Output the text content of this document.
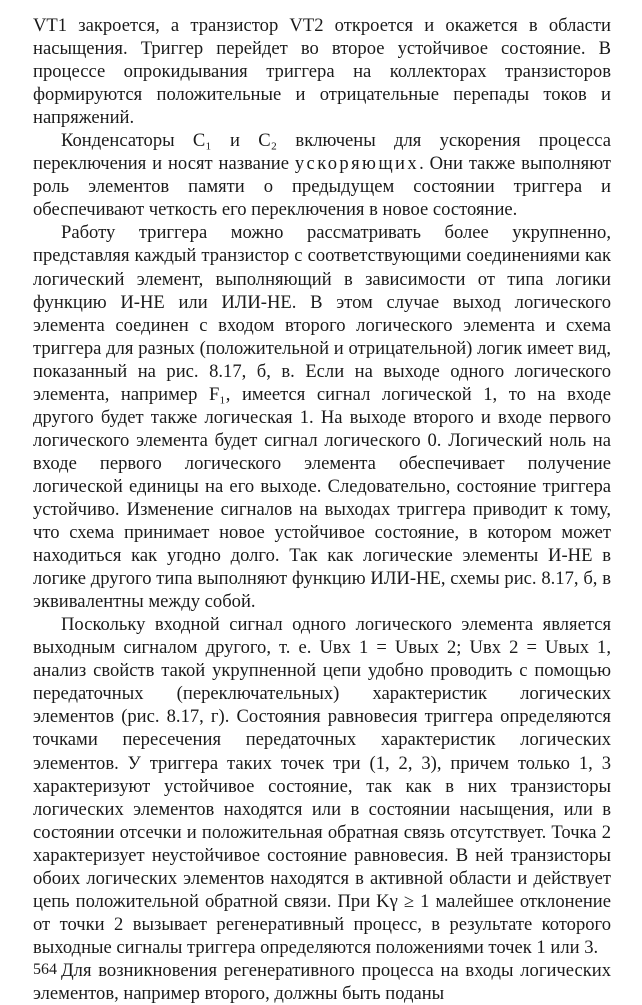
VT1 закроется, а транзистор VT2 откроется и окажется в области насыщения. Триггер перейдет во второе устойчивое состояние. В процессе опрокидывания триггера на коллекторах транзисторов формируются положительные и отрицательные перепады токов и напряжений.

Конденсаторы C₁ и C₂ включены для ускорения процесса переключения и носят название ускоряющих. Они также выполняют роль элементов памяти о предыдущем состоянии триггера и обеспечивают четкость его переключения в новое состояние.

Работу триггера можно рассматривать более укрупненно, представляя каждый транзистор с соответствующими соединениями как логический элемент, выполняющий в зависимости от типа логики функцию И-НЕ или ИЛИ-НЕ. В этом случае выход логического элемента соединен с входом второго логического элемента и схема триггера для разных (положительной и отрицательной) логик имеет вид, показанный на рис. 8.17, б, в. Если на выходе одного логического элемента, например F₁, имеется сигнал логической 1, то на входе другого будет также логическая 1. На выходе второго и входе первого логического элемента будет сигнал логического 0. Логический ноль на входе первого логического элемента обеспечивает получение логической единицы на его выходе. Следовательно, состояние триггера устойчиво. Изменение сигналов на выходах триггера приводит к тому, что схема принимает новое устойчивое состояние, в котором может находиться как угодно долго. Так как логические элементы И-НЕ в логике другого типа выполняют функцию ИЛИ-НЕ, схемы рис. 8.17, б, в эквивалентны между собой.

Поскольку входной сигнал одного логического элемента является выходным сигналом другого, т. е. Uвх 1 = Uвых 2; Uвх 2 = Uвых 1, анализ свойств такой укрупненной цепи удобно проводить с помощью передаточных (переключательных) характеристик логических элементов (рис. 8.17, г). Состояния равновесия триггера определяются точками пересечения передаточных характеристик логических элементов. У триггера таких точек три (1, 2, 3), причем только 1, 3 характеризуют устойчивое состояние, так как в них транзисторы логических элементов находятся или в состоянии насыщения, или в состоянии отсечки и положительная обратная связь отсутствует. Точка 2 характеризует неустойчивое состояние равновесия. В ней транзисторы обоих логических элементов находятся в активной области и действует цепь положительной обратной связи. При Kγ ≥ 1 малейшее отклонение от точки 2 вызывает регенеративный процесс, в результате которого выходные сигналы триггера определяются положениями точек 1 или 3.

Для возникновения регенеративного процесса на входы логических элементов, например второго, должны быть поданы

564
